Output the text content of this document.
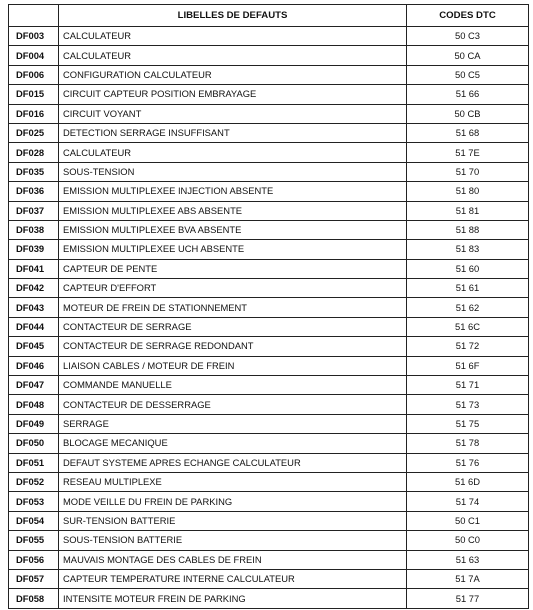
	LIBELLES DE DEFAUTS	CODES DTC
DF003	CALCULATEUR	50 C3
DF004	CALCULATEUR	50 CA
DF006	CONFIGURATION CALCULATEUR	50 C5
DF015	CIRCUIT CAPTEUR POSITION EMBRAYAGE	51 66
DF016	CIRCUIT VOYANT	50 CB
DF025	DETECTION SERRAGE INSUFFISANT	51 68
DF028	CALCULATEUR	51 7E
DF035	SOUS-TENSION	51 70
DF036	EMISSION MULTIPLEXEE INJECTION ABSENTE	51 80
DF037	EMISSION MULTIPLEXEE ABS ABSENTE	51 81
DF038	EMISSION MULTIPLEXEE BVA ABSENTE	51 88
DF039	EMISSION MULTIPLEXEE UCH ABSENTE	51 83
DF041	CAPTEUR DE PENTE	51 60
DF042	CAPTEUR D'EFFORT	51 61
DF043	MOTEUR DE FREIN DE STATIONNEMENT	51 62
DF044	CONTACTEUR DE SERRAGE	51 6C
DF045	CONTACTEUR DE SERRAGE REDONDANT	51 72
DF046	LIAISON CABLES / MOTEUR DE FREIN	51 6F
DF047	COMMANDE MANUELLE	51 71
DF048	CONTACTEUR DE DESSERRAGE	51 73
DF049	SERRAGE	51 75
DF050	BLOCAGE MECANIQUE	51 78
DF051	DEFAUT SYSTEME APRES ECHANGE CALCULATEUR	51 76
DF052	RESEAU MULTIPLEXE	51 6D
DF053	MODE VEILLE DU FREIN DE PARKING	51 74
DF054	SUR-TENSION BATTERIE	50 C1
DF055	SOUS-TENSION BATTERIE	50 C0
DF056	MAUVAIS MONTAGE DES CABLES DE FREIN	51 63
DF057	CAPTEUR TEMPERATURE INTERNE CALCULATEUR	51 7A
DF058	INTENSITE MOTEUR FREIN DE PARKING	51 77
